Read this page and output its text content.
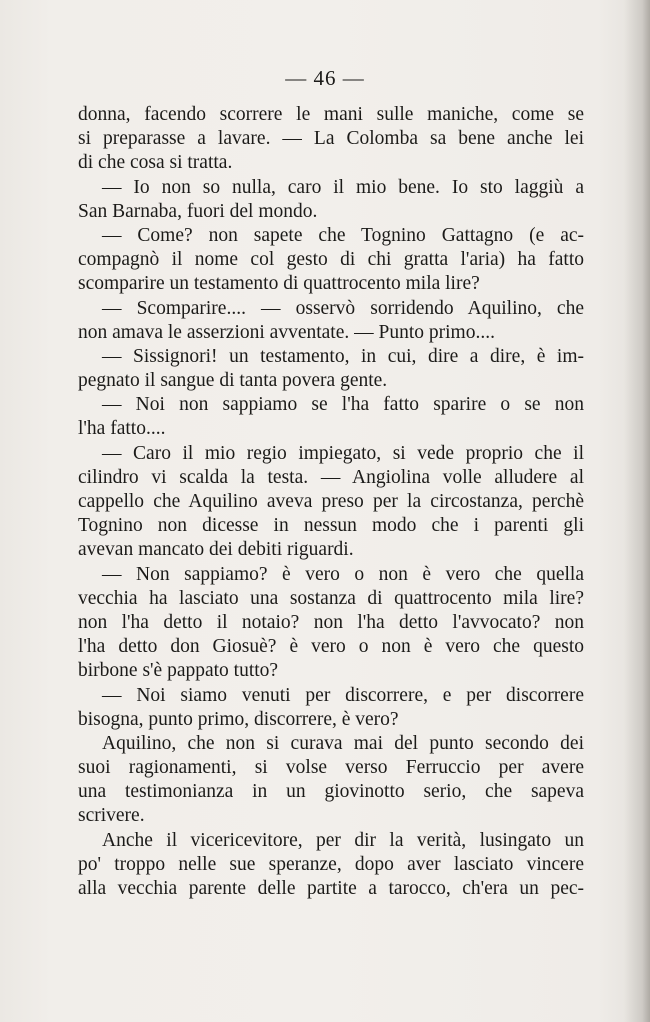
— 46 —
donna, facendo scorrere le mani sulle maniche, come se
si preparasse a lavare. — La Colomba sa bene anche lei
di che cosa si tratta.
— Io non so nulla, caro il mio bene. Io sto laggiù a
San Barnaba, fuori del mondo.
— Come? non sapete che Tognino Gattagno (e ac-
compagnò il nome col gesto di chi gratta l'aria) ha fatto
scomparire un testamento di quattrocento mila lire?
— Scomparire.... — osservò sorridendo Aquilino, che
non amava le asserzioni avventate. — Punto primo....
— Sissignori! un testamento, in cui, dire a dire, è im-
pegnato il sangue di tanta povera gente.
— Noi non sappiamo se l'ha fatto sparire o se non
l'ha fatto....
— Caro il mio regio impiegato, si vede proprio che il
cilindro vi scalda la testa. — Angiolina volle alludere al
cappello che Aquilino aveva preso per la circostanza, perchè
Tognino non dicesse in nessun modo che i parenti gli
avevan mancato dei debiti riguardi.
— Non sappiamo? è vero o non è vero che quella
vecchia ha lasciato una sostanza di quattrocento mila lire?
non l'ha detto il notaio? non l'ha detto l'avvocato? non
l'ha detto don Giosuè? è vero o non è vero che questo
birbone s'è pappato tutto?
— Noi siamo venuti per discorrere, e per discorrere
bisogna, punto primo, discorrere, è vero?
Aquilino, che non si curava mai del punto secondo dei
suoi ragionamenti, si volse verso Ferruccio per avere
una testimonianza in un giovinotto serio, che sapeva
scrivere.
Anche il vicericevitore, per dir la verità, lusingato un
po' troppo nelle sue speranze, dopo aver lasciato vincere
alla vecchia parente delle partite a tarocco, ch'era un pec-
